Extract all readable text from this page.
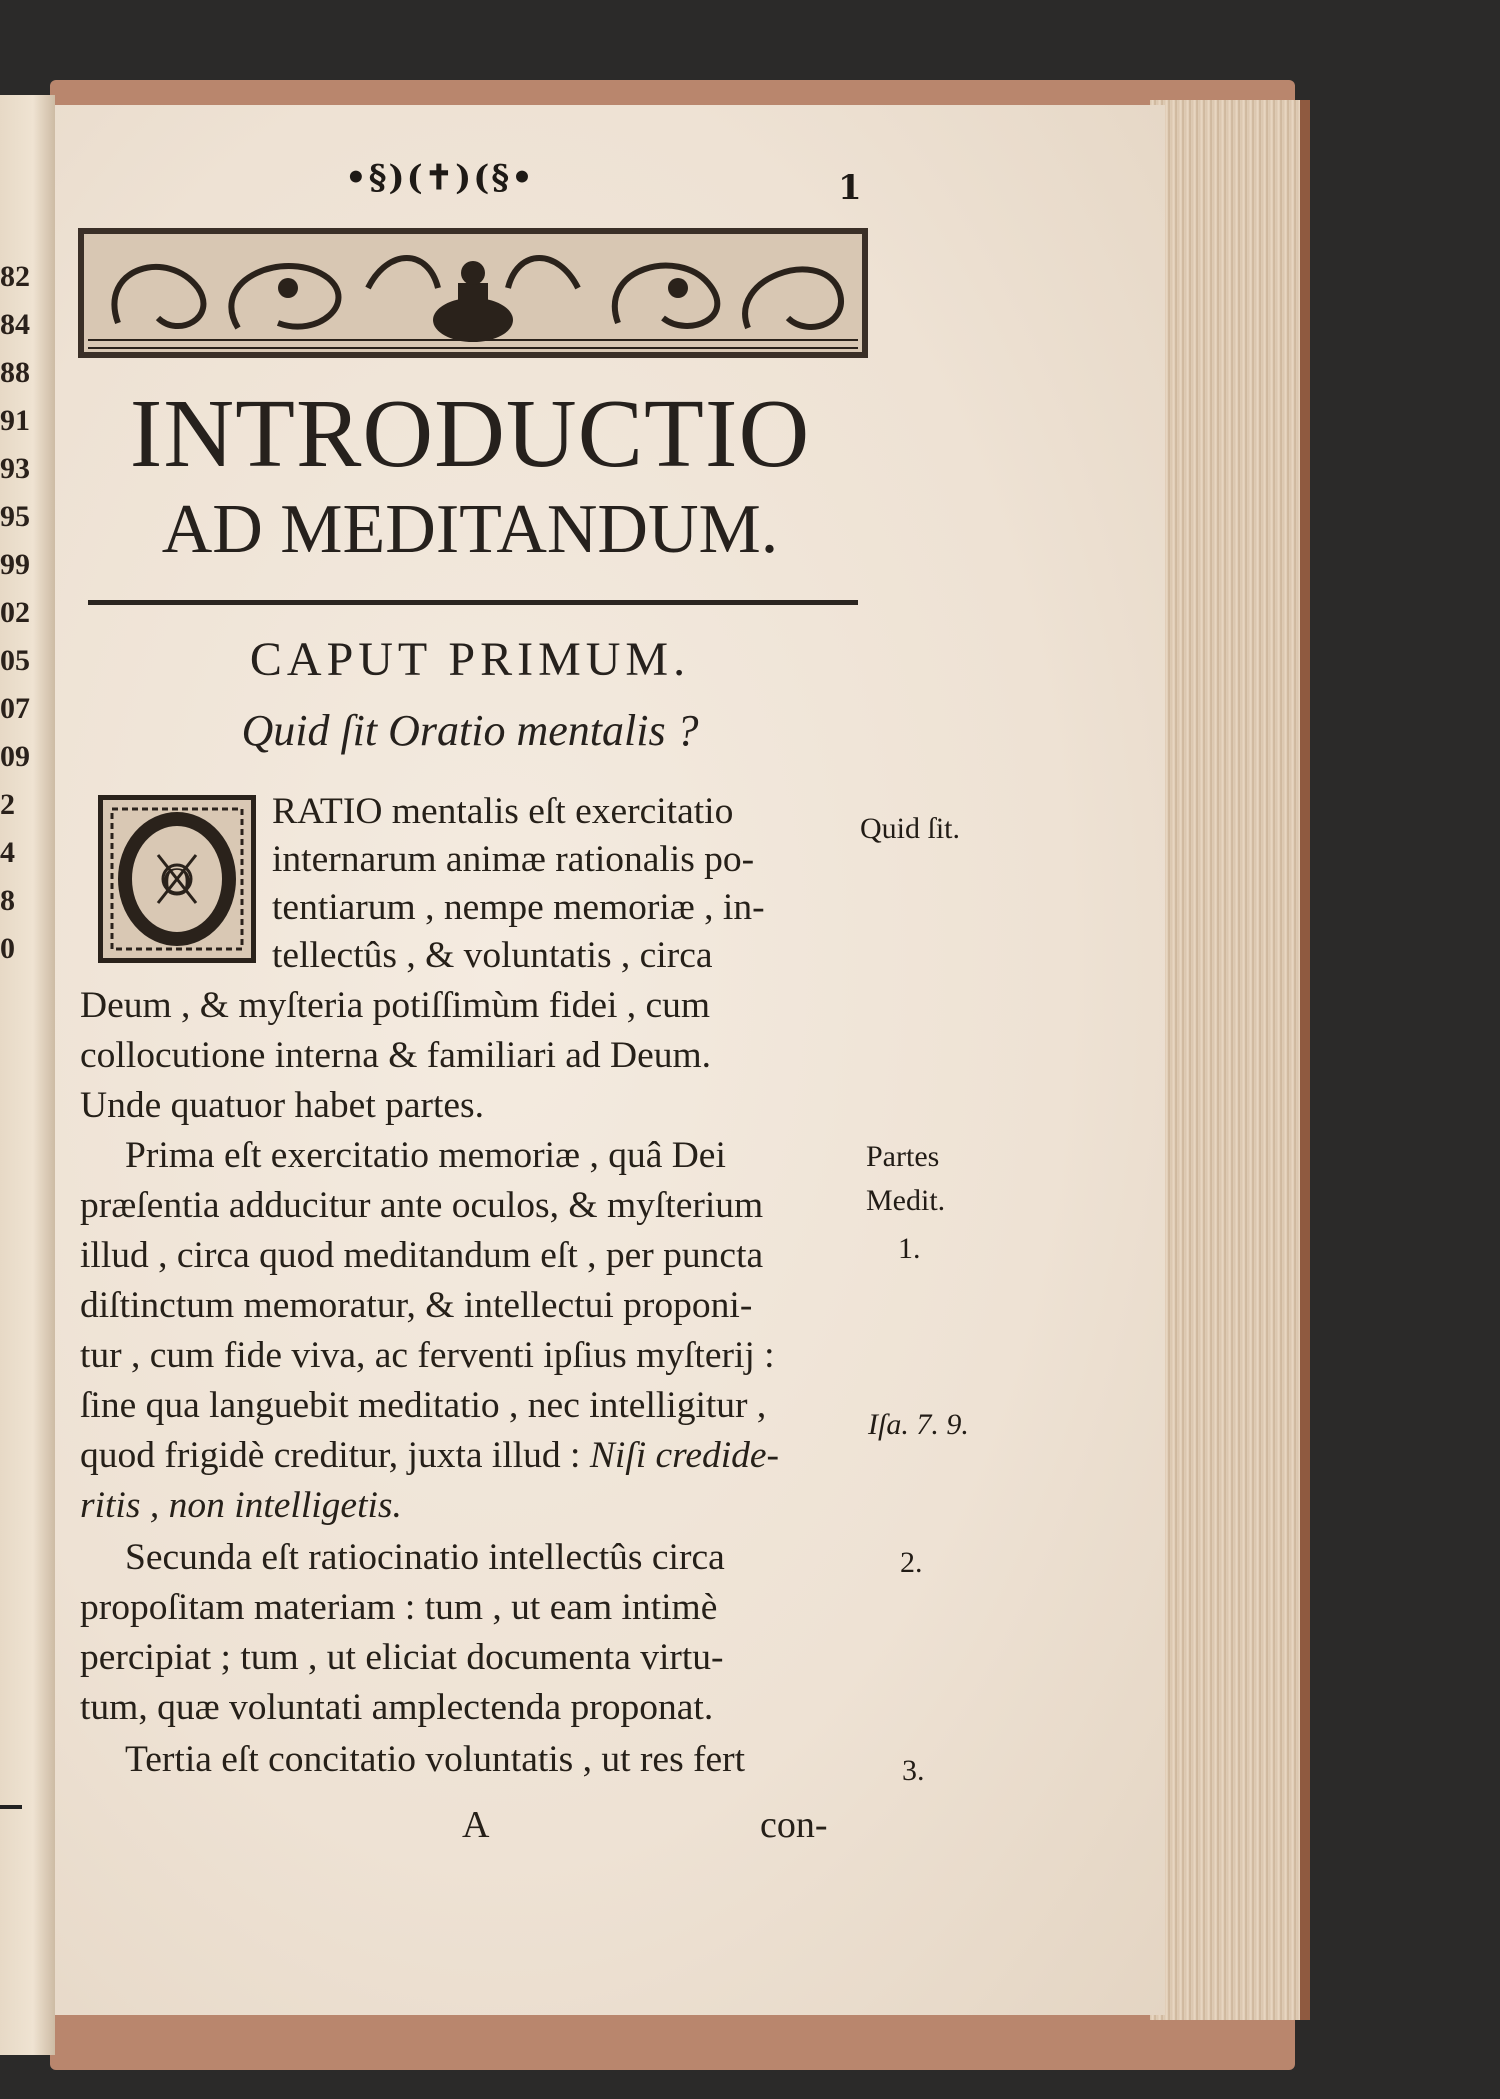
82
84
88
91
93
95
99
02
05
07
09
2
4
8
0
•§)(✝)(§•	1
INTRODUCTIO
AD MEDITANDUM.
CAPUT PRIMUM.
Quid ſit Oratio mentalis ?
O
RATIO mentalis eſt exercitatio
internarum animæ rationalis po-
tentiarum , nempe memoriæ , in-
tellectûs , & voluntatis , circa
Deum , & myſteria potiſſimùm fidei , cum
collocutione interna & familiari ad Deum.
Unde quatuor habet partes.
Prima eſt exercitatio memoriæ , quâ Dei
præſentia adducitur ante oculos, & myſterium
illud , circa quod meditandum eſt , per puncta
diſtinctum memoratur, & intellectui proponi-
tur , cum fide viva, ac ferventi ipſius myſterij :
ſine qua languebit meditatio , nec intelligitur ,
quod frigidè creditur, juxta illud : Niſi credide-
ritis , non intelligetis.
Secunda eſt ratiocinatio intellectûs circa
propoſitam materiam : tum , ut eam intimè
percipiat ; tum , ut eliciat documenta virtu-
tum, quæ voluntati amplectenda proponat.
Tertia eſt concitatio voluntatis , ut res fert
Quid ſit.
Partes
Medit.
1.
Iſa. 7. 9.
2.
3.
A	con-
